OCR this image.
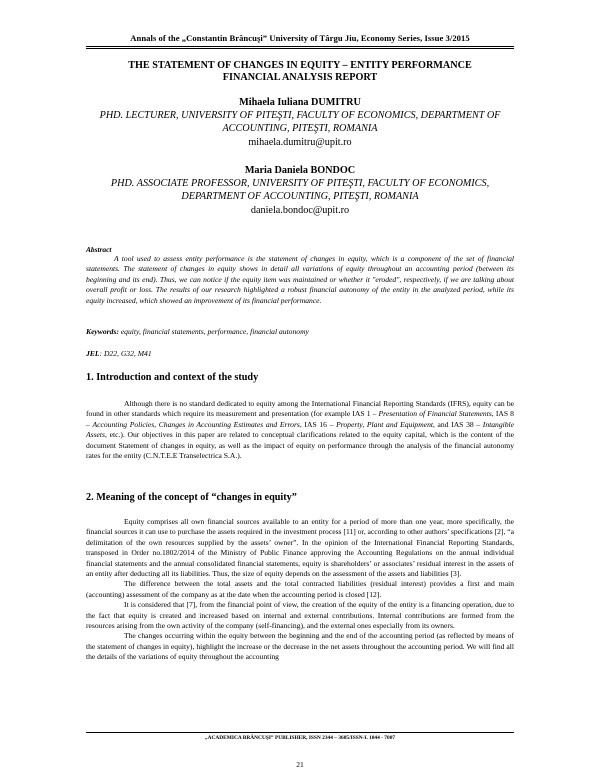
Annals of the „Constantin Brâncuşi” University of Târgu Jiu, Economy Series, Issue 3/2015
THE STATEMENT OF CHANGES IN EQUITY – ENTITY PERFORMANCE
FINANCIAL ANALYSIS REPORT
Mihaela Iuliana DUMITRU
PHD. LECTURER, UNIVERSITY OF PITEŞTI, FACULTY OF ECONOMICS, DEPARTMENT OF
ACCOUNTING, PITEŞTI, ROMANIA
mihaela.dumitru@upit.ro
Maria Daniela BONDOC
PHD. ASSOCIATE PROFESSOR, UNIVERSITY OF PITEŞTI, FACULTY OF ECONOMICS,
DEPARTMENT OF ACCOUNTING, PITEŞTI, ROMANIA
daniela.bondoc@upit.ro
Abstract

A tool used to assess entity performance is the statement of changes in equity, which is a component of the set of financial statements. The statement of changes in equity shows in detail all variations of equity throughout an accounting period (between its beginning and its end). Thus, we can notice if the equity item was maintained or whether it "eroded", respectively, if we are talking about overall profit or loss. The results of our research highlighted a robust financial autonomy of the entity in the analyzed period, while its equity increased, which showed an improvement of its financial performance.

Keywords: equity, financial statements, performance, financial autonomy
JEL: D22, G32, M41
1. Introduction and context of the study

Although there is no standard dedicated to equity among the International Financial Reporting Standards (IFRS), equity can be found in other standards which require its measurement and presentation (for example IAS 1 – Presentation of Financial Statements, IAS 8 – Accounting Policies, Changes in Accounting Estimates and Errors, IAS 16 – Property, Plant and Equipment, and IAS 38 – Intangible Assets, etc.). Our objectives in this paper are related to conceptual clarifications related to the equity capital, which is the content of the document Statement of changes in equity, as well as the impact of equity on performance through the analysis of the financial autonomy rates for the entity (C.N.T.E.E Transelectrica S.A.).

2. Meaning of the concept of “changes in equity”

Equity comprises all own financial sources available to an entity for a period of more than one year, more specifically, the financial sources it can use to purchase the assets required in the investment process [11] or, according to other authors’ specifications [2], “a delimitation of the own resources supplied by the assets’ owner”. In the opinion of the International Financial Reporting Standards, transposed in Order no.1802/2014 of the Ministry of Public Finance approving the Accounting Regulations on the annual individual financial statements and the annual consolidated financial statements, equity is shareholders’ or associates’ residual interest in the assets of an entity after deducting all its liabilities. Thus, the size of equity depends on the assessment of the assets and liabilities [3].

The difference between the total assets and the total contracted liabilities (residual interest) provides a first and main (accounting) assessment of the company as at the date when the accounting period is closed [12].

It is considered that [7], from the financial point of view, the creation of the equity of the entity is a financing operation, due to the fact that equity is created and increased based on internal and external contributions. Internal contributions are formed from the resources arising from the own activity of the company (self-financing), and the external ones especially from its owners.

The changes occurring within the equity between the beginning and the end of the accounting period (as reflected by means of the statement of changes in equity), highlight the increase or the decrease in the net assets throughout the accounting period. We will find all the details of the variations of equity throughout the accounting

„ACADEMICA BRÂNCUŞI” PUBLISHER, ISSN 2344 – 3685/ISSN-L 1844 - 7007
21
